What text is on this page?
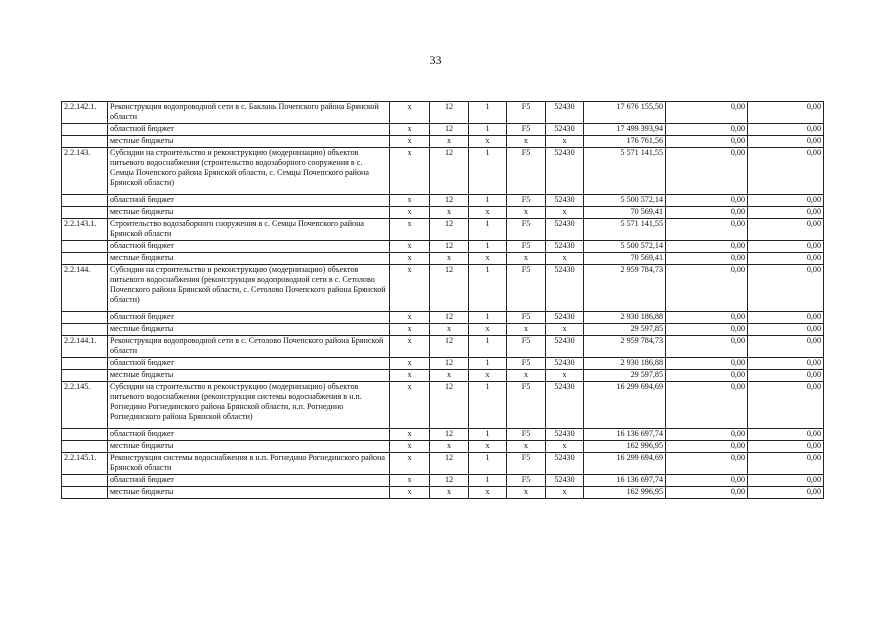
33
2.2.142.1.	Реконструкция водопроводной сети в с. Баклань Почепского района Брянской области	x	12	1	F5	52430	17 676 155,50	0,00	0,00
	областной бюджет	x	12	1	F5	52430	17 499 393,94	0,00	0,00
	местные бюджеты	x	x	x	x	x	176 761,56	0,00	0,00
2.2.143.	Субсидии на строительство и реконструкцию (модернизацию) объектов питьевого водоснабжения (строительство водозаборного сооружения в с. Семцы Почепского района Брянской области, с. Семцы Почепского района Брянской области)	x	12	1	F5	52430	5 571 141,55	0,00	0,00
	областной бюджет	x	12	1	F5	52430	5 500 572,14	0,00	0,00
	местные бюджеты	x	x	x	x	x	70 569,41	0,00	0,00
2.2.143.1.	Строительство водозаборного сооружения в с. Семцы Почепского района Брянской области	x	12	1	F5	52430	5 571 141,55	0,00	0,00
	областной бюджет	x	12	1	F5	52430	5 500 572,14	0,00	0,00
	местные бюджеты	x	x	x	x	x	70 569,41	0,00	0,00
2.2.144.	Субсидии на строительство и реконструкцию (модернизацию) объектов питьевого водоснабжения (реконструкция водопроводной сети в с. Сетолово Почепского района Брянской области, с. Сетолово Почепского района Брянской области)	x	12	1	F5	52430	2 959 784,73	0,00	0,00
	областной бюджет	x	12	1	F5	52430	2 930 186,88	0,00	0,00
	местные бюджеты	x	x	x	x	x	29 597,85	0,00	0,00
2.2.144.1.	Реконструкция водопроводной сети в с. Сетолово Почепского района Брянской области	x	12	1	F5	52430	2 959 784,73	0,00	0,00
	областной бюджет	x	12	1	F5	52430	2 930 186,88	0,00	0,00
	местные бюджеты	x	x	x	x	x	29 597,85	0,00	0,00
2.2.145.	Субсидии на строительство и реконструкцию (модернизацию) объектов питьевого водоснабжения (реконструкция системы водоснабжения в н.п. Рогнедино Рогнединского района Брянской области, н.п. Рогнедино Рогнединского района Брянской области)	x	12	1	F5	52430	16 299 694,69	0,00	0,00
	областной бюджет	x	12	1	F5	52430	16 136 697,74	0,00	0,00
	местные бюджеты	x	x	x	x	x	162 996,95	0,00	0,00
2.2.145.1.	Реконструкция системы водоснабжения в н.п. Рогнедино Рогнединского района Брянской области	x	12	1	F5	52430	16 299 694,69	0,00	0,00
	областной бюджет	x	12	1	F5	52430	16 136 697,74	0,00	0,00
	местные бюджеты	x	x	x	x	x	162 996,95	0,00	0,00
